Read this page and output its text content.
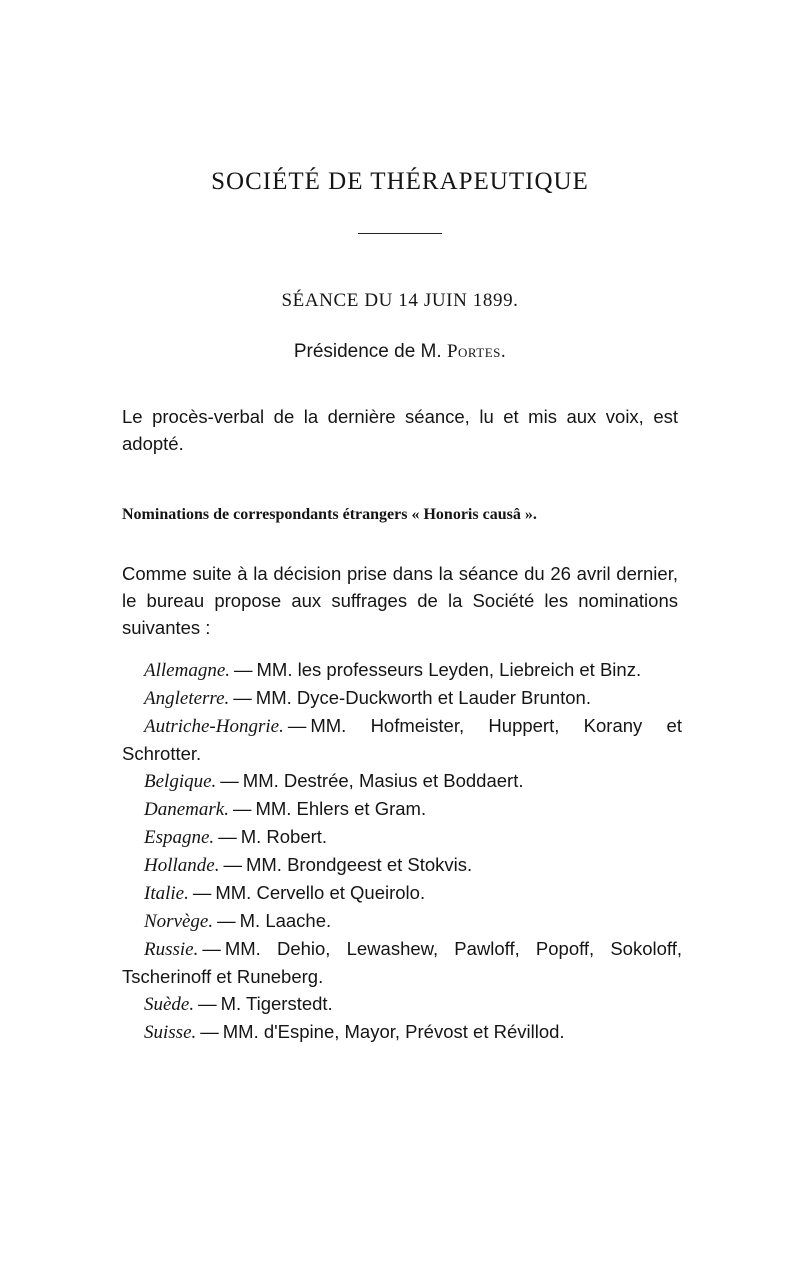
SOCIÉTÉ DE THÉRAPEUTIQUE
SÉANCE DU 14 JUIN 1899.
Présidence de M. Portes.
Le procès-verbal de la dernière séance, lu et mis aux voix, est adopté.
Nominations de correspondants étrangers « Honoris causâ ».
Comme suite à la décision prise dans la séance du 26 avril dernier, le bureau propose aux suffrages de la Société les nominations suivantes :

Allemagne. — MM. les professeurs Leyden, Liebreich et Binz.

Angleterre. — MM. Dyce-Duckworth et Lauder Brunton.

Autriche-Hongrie. — MM. Hofmeister, Huppert, Korany et Schrotter.

Belgique. — MM. Destrée, Masius et Boddaert.

Danemark. — MM. Ehlers et Gram.

Espagne. — M. Robert.

Hollande. — MM. Brondgeest et Stokvis.

Italie. — MM. Cervello et Queirolo.

Norvège. — M. Laache.

Russie. — MM. Dehio, Lewashew, Pawloff, Popoff, Sokoloff, Tscherinoff et Runeberg.

Suède. — M. Tigerstedt.

Suisse. — MM. d'Espine, Mayor, Prévost et Révillod.
